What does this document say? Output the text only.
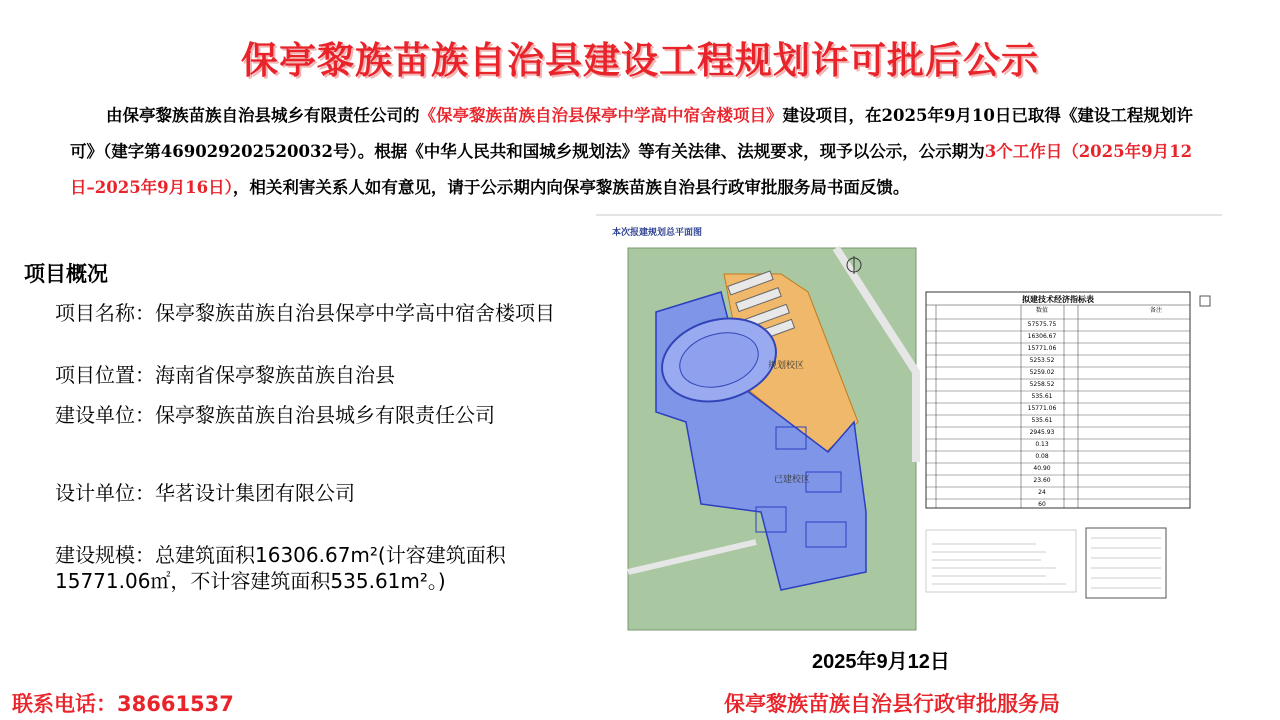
保亭黎族苗族自治县建设工程规划许可批后公示
由保亭黎族苗族自治县城乡有限责任公司的《保亭黎族苗族自治县保亭中学高中宿舍楼项目》建设项目，在2025年9月10日已取得《建设工程规划许可》（建字第469029202520032号）。根据《中华人民共和国城乡规划法》等有关法律、法规要求，现予以公示，公示期为3个工作日（2025年9月12日–2025年9月16日），相关利害关系人如有意见，请于公示期内向保亭黎族苗族自治县行政审批服务局书面反馈。
项目概况
项目名称：保亭黎族苗族自治县保亭中学高中宿舍楼项目
项目位置：海南省保亭黎族苗族自治县
建设单位：保亭黎族苗族自治县城乡有限责任公司
设计单位：华茗设计集团有限公司
建设规模：总建筑面积16306.67m²(计容建筑面积15771.06㎡，不计容建筑面积535.61m²。)
规划校区
已建校区
拟建技术经济指标表
数值	备注
57575.75
16306.67
15771.06
5253.52
5259.02
5258.52
535.61
15771.06
535.61
2945.93
0.13
0.08
40.90
23.60
24
60
本次报建规划总平面图
2025年9月12日
联系电话：38661537	保亭黎族苗族自治县行政审批服务局
